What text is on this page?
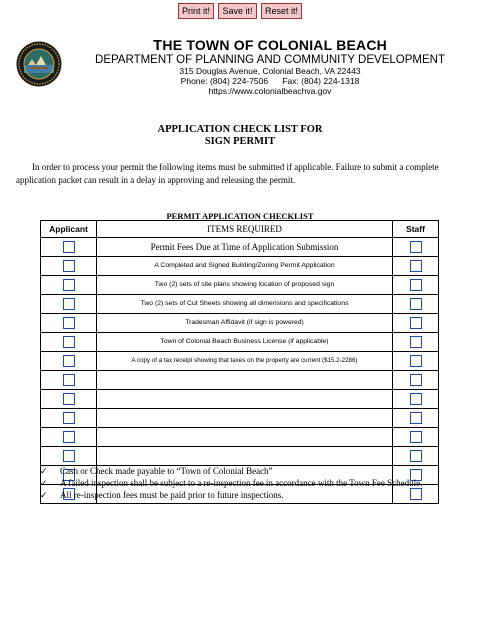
Print it! Save it! Reset it!
THE TOWN OF COLONIAL BEACH
DEPARTMENT OF PLANNING AND COMMUNITY DEVELOPMENT
315 Douglas Avenue, Colonial Beach, VA 22443
Phone: (804) 224-7506 Fax: (804) 224-1318
https://www.colonialbeachva.gov
APPLICATION CHECK LIST FOR
SIGN PERMIT
In order to process your permit the following items must be submitted if applicable. Failure to submit a complete application packet can result in a delay in approving and releasing the permit.
PERMIT APPLICATION CHECKLIST
Applicant	ITEMS REQUIRED	Staff
	Permit Fees Due at Time of Application Submission	
	A Completed and Signed Building/Zoning Permit Application	
	Two (2) sets of site plans showing location of proposed sign	
	Two (2) sets of Cut Sheets showing all dimensions and specifications	
	Tradesman Affidavit (if sign is powered)	
	Town of Colonial Beach Business License (if applicable)	
	A copy of a tax receipt showing that taxes on the property are current ($15.2-2286)	

✓	Cash or Check made payable to “Town of Colonial Beach”
✓	A failed inspection shall be subject to a re-inspection fee in accordance with the Town Fee Schedule.
✓	All re-inspection fees must be paid prior to future inspections.
